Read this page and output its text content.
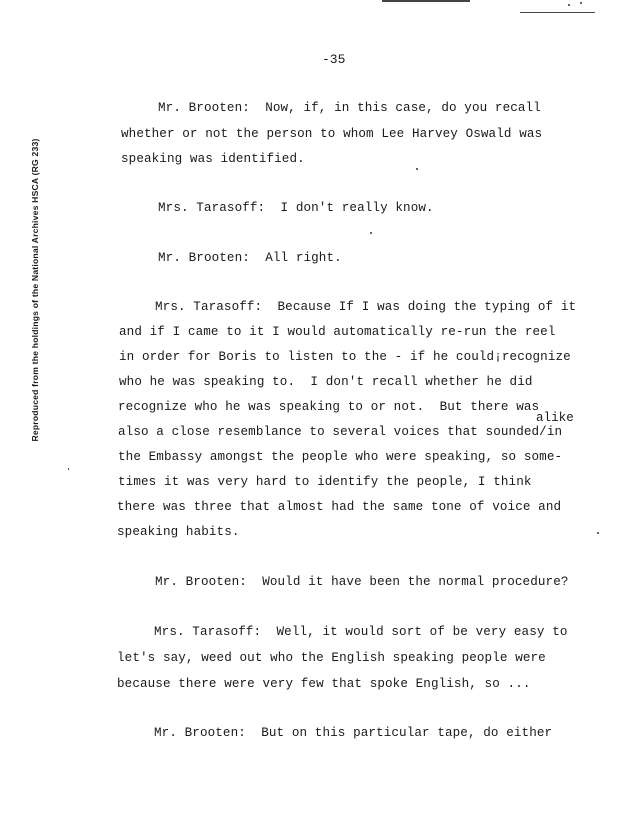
-35
Reproduced from the holdings of the National Archives HSCA (RG 233)
Mr. Brooten:  Now, if, in this case, do you recall
whether or not the person to whom Lee Harvey Oswald was
speaking was identified.
Mrs. Tarasoff:  I don't really know.
Mr. Brooten:  All right.
Mrs. Tarasoff:  Because If I was doing the typing of it
and if I came to it I would automatically re-run the reel
in order for Boris to listen to the - if he could¡recognize
who he was speaking to.  I don't recall whether he did
recognize who he was speaking to or not.  But there was
alike
also a close resemblance to several voices that sounded/in
the Embassy amongst the people who were speaking, so some-
times it was very hard to identify the people, I think
there was three that almost had the same tone of voice and
speaking habits.
Mr. Brooten:  Would it have been the normal procedure?
Mrs. Tarasoff:  Well, it would sort of be very easy to
let's say, weed out who the English speaking people were
because there were very few that spoke English, so ...
Mr. Brooten:  But on this particular tape, do either
